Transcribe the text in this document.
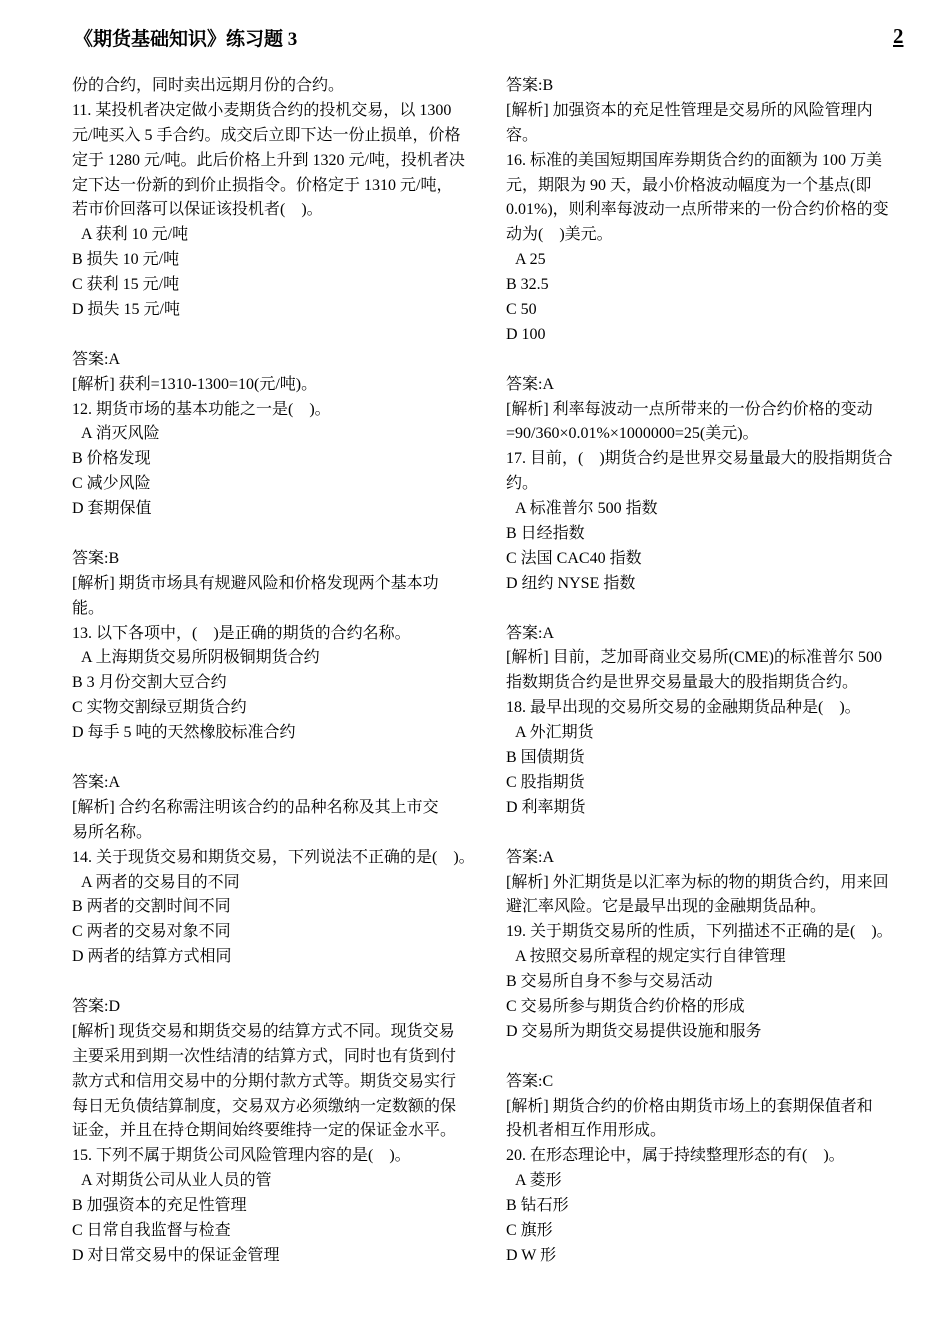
《期货基础知识》练习题 3	2
份的合约，同时卖出远期月份的合约。
11. 某投机者决定做小麦期货合约的投机交易，以 1300
元/吨买入 5 手合约。成交后立即下达一份止损单，价格
定于 1280 元/吨。此后价格上升到 1320 元/吨，投机者决
定下达一份新的到价止损指令。价格定于 1310 元/吨，
若市价回落可以保证该投机者(　)。
A 获利 10 元/吨
B 损失 10 元/吨
C 获利 15 元/吨
D 损失 15 元/吨
答案:A
[解析] 获利=1310-1300=10(元/吨)。
12. 期货市场的基本功能之一是(　)。
A 消灭风险
B 价格发现
C 减少风险
D 套期保值
答案:B
[解析] 期货市场具有规避风险和价格发现两个基本功
能。
13. 以下各项中，(　)是正确的期货的合约名称。
A 上海期货交易所阴极铜期货合约
B 3 月份交割大豆合约
C 实物交割绿豆期货合约
D 每手 5 吨的天然橡胶标准合约
答案:A
[解析] 合约名称需注明该合约的品种名称及其上市交
易所名称。
14. 关于现货交易和期货交易，下列说法不正确的是(　)。
A 两者的交易目的不同
B 两者的交割时间不同
C 两者的交易对象不同
D 两者的结算方式相同
答案:D
[解析] 现货交易和期货交易的结算方式不同。现货交易
主要采用到期一次性结清的结算方式，同时也有货到付
款方式和信用交易中的分期付款方式等。期货交易实行
每日无负债结算制度，交易双方必须缴纳一定数额的保
证金，并且在持仓期间始终要维持一定的保证金水平。
15. 下列不属于期货公司风险管理内容的是(　)。
A 对期货公司从业人员的管
B 加强资本的充足性管理
C 日常自我监督与检查
D 对日常交易中的保证金管理
答案:B
[解析] 加强资本的充足性管理是交易所的风险管理内
容。
16. 标准的美国短期国库券期货合约的面额为 100 万美
元，期限为 90 天，最小价格波动幅度为一个基点(即
0.01%)，则利率每波动一点所带来的一份合约价格的变
动为(　)美元。
A 25
B 32.5
C 50
D 100
答案:A
[解析] 利率每波动一点所带来的一份合约价格的变动
=90/360×0.01%×1000000=25(美元)。
17. 目前，(　)期货合约是世界交易量最大的股指期货合
约。
A 标准普尔 500 指数
B 日经指数
C 法国 CAC40 指数
D 纽约 NYSE 指数
答案:A
[解析] 目前，芝加哥商业交易所(CME)的标准普尔 500
指数期货合约是世界交易量最大的股指期货合约。
18. 最早出现的交易所交易的金融期货品种是(　)。
A 外汇期货
B 国债期货
C 股指期货
D 利率期货
答案:A
[解析] 外汇期货是以汇率为标的物的期货合约，用来回
避汇率风险。它是最早出现的金融期货品种。
19. 关于期货交易所的性质，下列描述不正确的是(　)。
A 按照交易所章程的规定实行自律管理
B 交易所自身不参与交易活动
C 交易所参与期货合约价格的形成
D 交易所为期货交易提供设施和服务
答案:C
[解析] 期货合约的价格由期货市场上的套期保值者和
投机者相互作用形成。
20. 在形态理论中，属于持续整理形态的有(　)。
A 菱形
B 钻石形
C 旗形
D W 形
